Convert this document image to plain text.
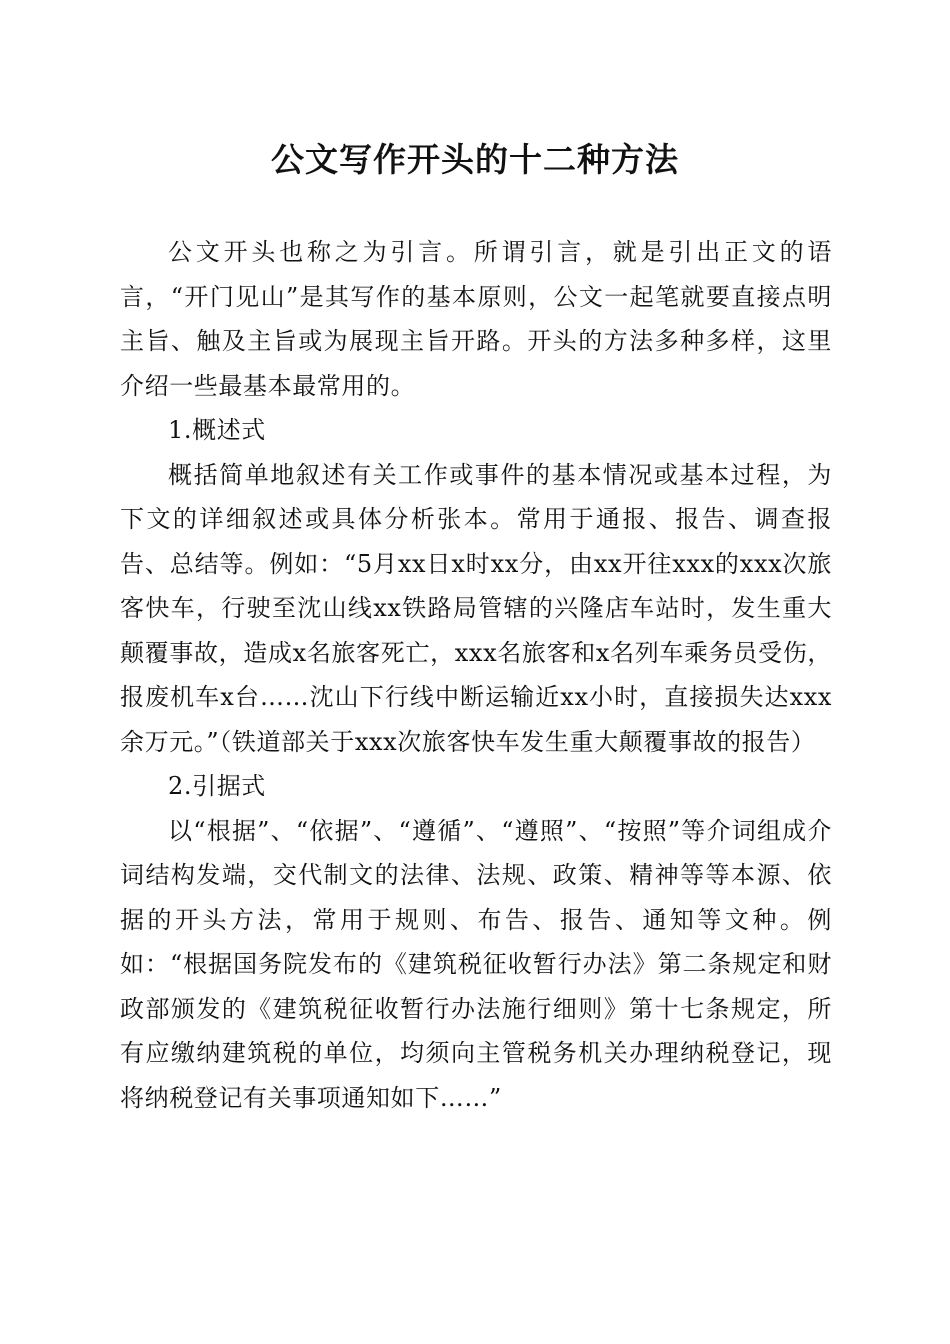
公文写作开头的十二种方法

公文开头也称之为引言。所谓引言，就是引出正文的语言，“开门见山”是其写作的基本原则，公文一起笔就要直接点明主旨、触及主旨或为展现主旨开路。开头的方法多种多样，这里介绍一些最基本最常用的。

1.概述式

概括简单地叙述有关工作或事件的基本情况或基本过程，为下文的详细叙述或具体分析张本。常用于通报、报告、调查报告、总结等。例如：“5月xx日x时xx分，由xx开往xxx的xxx次旅客快车，行驶至沈山线xx铁路局管辖的兴隆店车站时，发生重大颠覆事故，造成x名旅客死亡，xxx名旅客和x名列车乘务员受伤，报废机车x台……沈山下行线中断运输近xx小时，直接损失达xxx余万元。”（铁道部关于xxx次旅客快车发生重大颠覆事故的报告）

2.引据式

以“根据”、“依据”、“遵循”、“遵照”、“按照”等介词组成介词结构发端，交代制文的法律、法规、政策、精神等等本源、依据的开头方法，常用于规则、布告、报告、通知等文种。例如：“根据国务院发布的《建筑税征收暂行办法》第二条规定和财政部颁发的《建筑税征收暂行办法施行细则》第十七条规定，所有应缴纳建筑税的单位，均须向主管税务机关办理纳税登记，现将纳税登记有关事项通知如下……”
